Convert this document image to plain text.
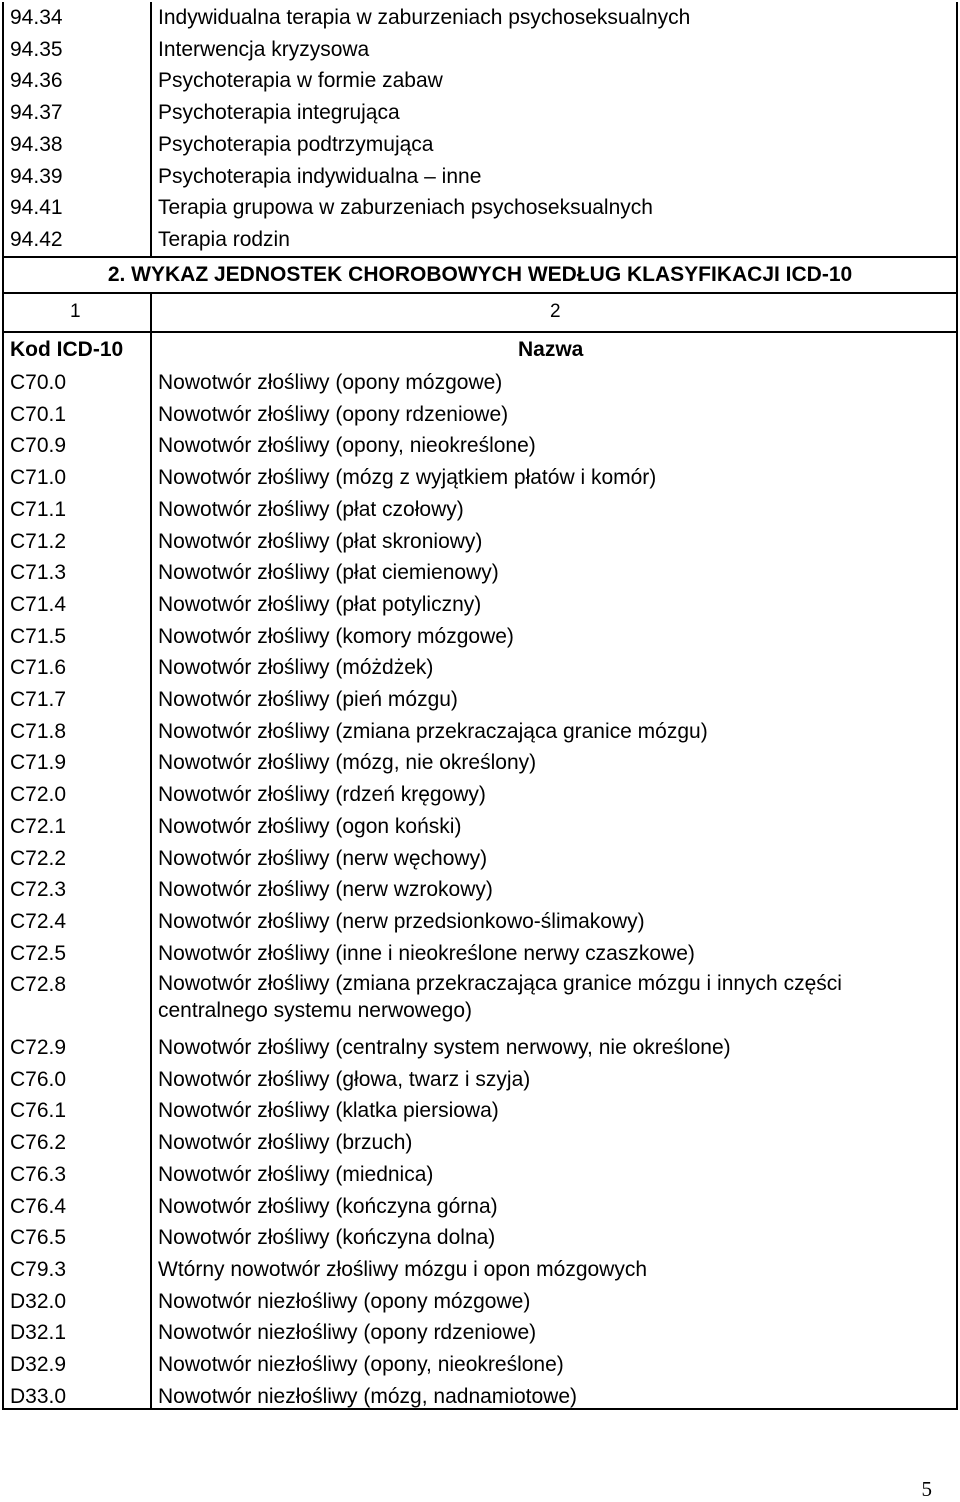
94.34	Indywidualna terapia w zaburzeniach psychoseksualnych
94.35	Interwencja kryzysowa
94.36	Psychoterapia w formie zabaw
94.37	Psychoterapia integrująca
94.38	Psychoterapia podtrzymująca
94.39	Psychoterapia indywidualna – inne
94.41	Terapia grupowa w zaburzeniach psychoseksualnych
94.42	Terapia rodzin
2. WYKAZ JEDNOSTEK CHOROBOWYCH WEDŁUG KLASYFIKACJI ICD-10
1	2
Kod ICD-10	Nazwa
C70.0	Nowotwór złośliwy (opony mózgowe)
C70.1	Nowotwór złośliwy (opony rdzeniowe)
C70.9	Nowotwór złośliwy (opony, nieokreślone)
C71.0	Nowotwór złośliwy (mózg z wyjątkiem płatów i komór)
C71.1	Nowotwór złośliwy (płat czołowy)
C71.2	Nowotwór złośliwy (płat skroniowy)
C71.3	Nowotwór złośliwy (płat ciemienowy)
C71.4	Nowotwór złośliwy (płat potyliczny)
C71.5	Nowotwór złośliwy (komory mózgowe)
C71.6	Nowotwór złośliwy (móżdżek)
C71.7	Nowotwór złośliwy (pień mózgu)
C71.8	Nowotwór złośliwy (zmiana przekraczająca granice mózgu)
C71.9	Nowotwór złośliwy (mózg, nie określony)
C72.0	Nowotwór złośliwy (rdzeń kręgowy)
C72.1	Nowotwór złośliwy (ogon koński)
C72.2	Nowotwór złośliwy (nerw węchowy)
C72.3	Nowotwór złośliwy (nerw wzrokowy)
C72.4	Nowotwór złośliwy (nerw przedsionkowo-ślimakowy)
C72.5	Nowotwór złośliwy (inne i nieokreślone nerwy czaszkowe)
C72.8	Nowotwór złośliwy (zmiana przekraczająca granice mózgu i innych części centralnego systemu nerwowego)
C72.9	Nowotwór złośliwy (centralny system nerwowy, nie określone)
C76.0	Nowotwór złośliwy (głowa, twarz i szyja)
C76.1	Nowotwór złośliwy (klatka piersiowa)
C76.2	Nowotwór złośliwy (brzuch)
C76.3	Nowotwór złośliwy (miednica)
C76.4	Nowotwór złośliwy (kończyna górna)
C76.5	Nowotwór złośliwy (kończyna dolna)
C79.3	Wtórny nowotwór złośliwy mózgu i opon mózgowych
D32.0	Nowotwór niezłośliwy (opony mózgowe)
D32.1	Nowotwór niezłośliwy (opony rdzeniowe)
D32.9	Nowotwór niezłośliwy (opony, nieokreślone)
D33.0	Nowotwór niezłośliwy (mózg, nadnamiotowe)
5
